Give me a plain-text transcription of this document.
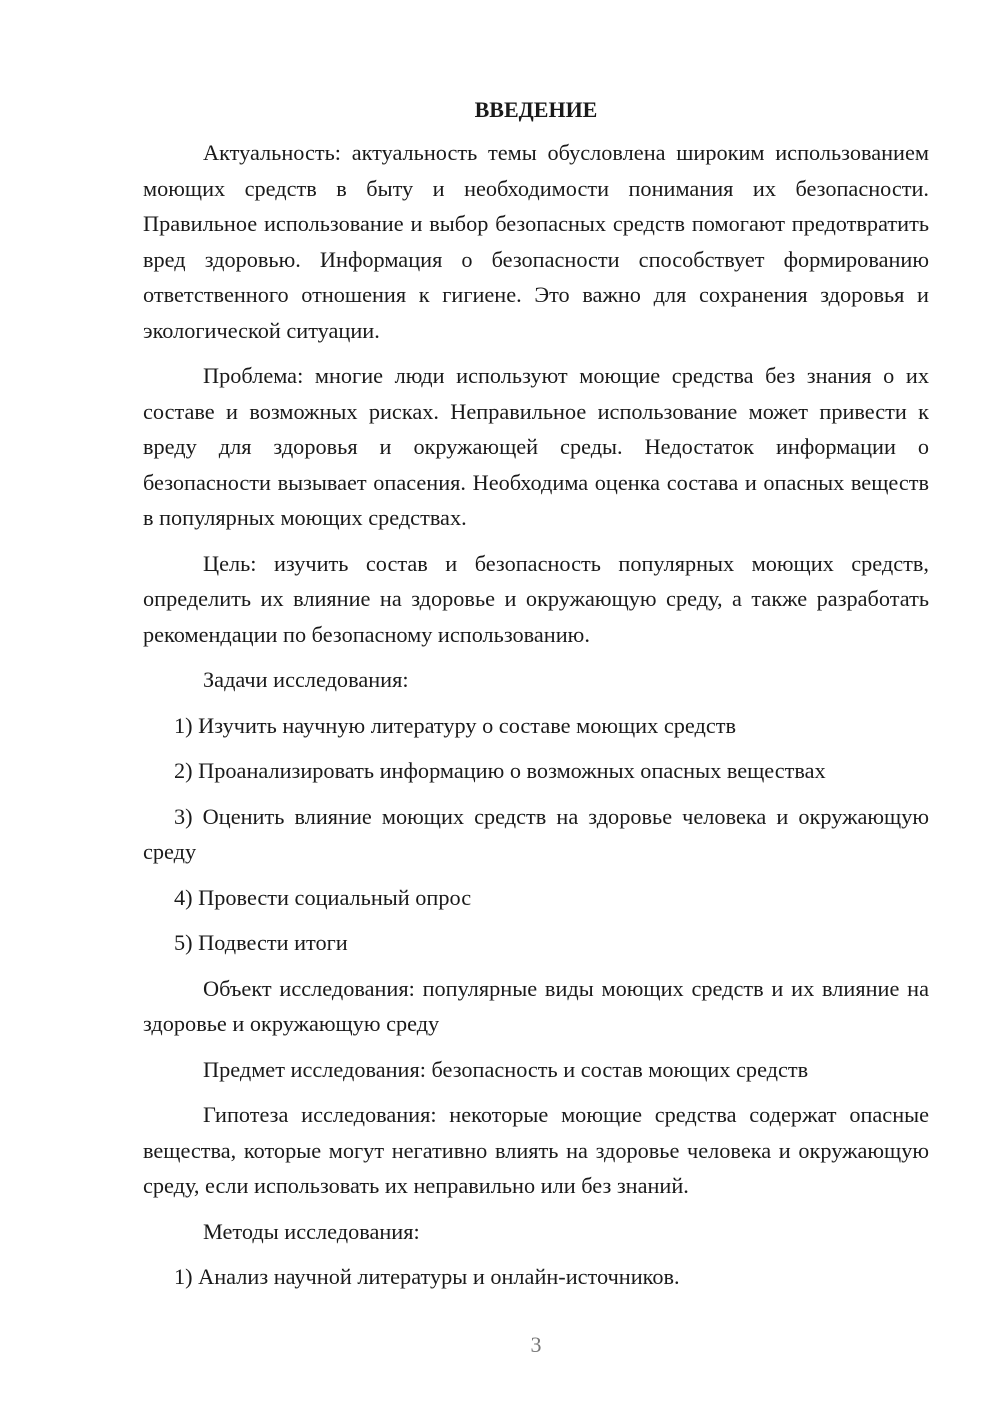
ВВЕДЕНИЕ

Актуальность: актуальность темы обусловлена широким использованием моющих средств в быту и необходимости понимания их безопасности. Правильное использование и выбор безопасных средств помогают предотвратить вред здоровью. Информация о безопасности способствует формированию ответственного отношения к гигиене. Это важно для сохранения здоровья и экологической ситуации.

Проблема: многие люди используют моющие средства без знания о их составе и возможных рисках. Неправильное использование может привести к вреду для здоровья и окружающей среды. Недостаток информации о безопасности вызывает опасения. Необходима оценка состава и опасных веществ в популярных моющих средствах.

Цель: изучить состав и безопасность популярных моющих средств, определить их влияние на здоровье и окружающую среду, а также разработать рекомендации по безопасному использованию.

Задачи исследования:

1) Изучить научную литературу о составе моющих средств

2) Проанализировать информацию о возможных опасных веществах

3) Оценить влияние моющих средств на здоровье человека и окружающую среду

4) Провести социальный опрос

5) Подвести итоги

Объект исследования: популярные виды моющих средств и их влияние на здоровье и окружающую среду

Предмет исследования: безопасность и состав моющих средств

Гипотеза исследования: некоторые моющие средства содержат опасные вещества, которые могут негативно влиять на здоровье человека и окружающую среду, если использовать их неправильно или без знаний.

Методы исследования:

1) Анализ научной литературы и онлайн-источников.

3
